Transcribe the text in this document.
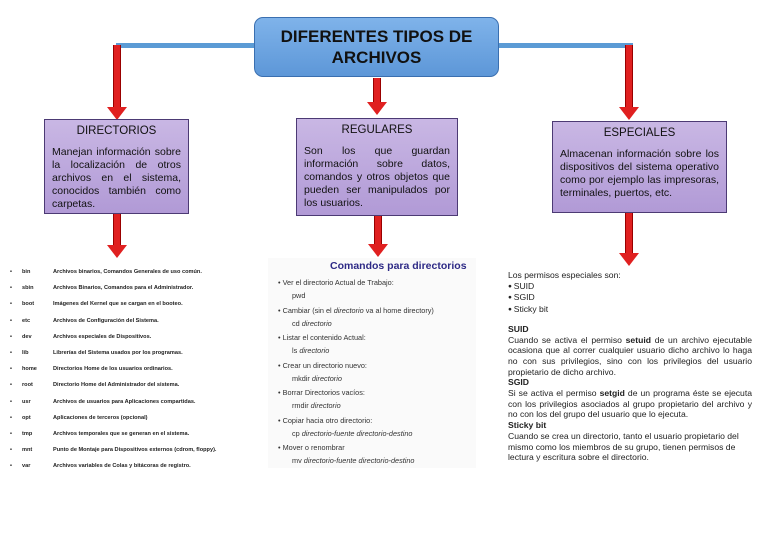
DIFERENTES TIPOS DE
ARCHIVOS
DIRECTORIOS
Manejan información sobre la localización de otros archivos en el sistema, conocidos también como carpetas.
REGULARES
Son los que guardan información sobre datos, comandos y otros objetos que pueden ser manipulados por los usuarios.
ESPECIALES
Almacenan información sobre los dispositivos del sistema operativo como por ejemplo las impresoras, terminales, puertos, etc.
•	bin	Archivos binarios, Comandos Generales de uso común.
•	sbin	Archivos Binarios, Comandos para el Administrador.
•	boot	Imágenes del Kernel que se cargan en el booteo.
•	etc	Archivos de Configuración del Sistema.
•	dev	Archivos especiales de Dispositivos.
•	lib	Librerías del Sistema usados por los programas.
•	home	Directorios Home de los usuarios ordinarios.
•	root	Directorio Home del Administrador del sistema.
•	usr	Archivos de usuarios para Aplicaciones compartidas.
•	opt	Aplicaciones de terceros (opcional)
•	tmp	Archivos temporales que se generan en el sistema.
•	mnt	Punto de Montaje para Dispositivos externos (cdrom, floppy).
•	var	Archivos variables de Colas y bitácoras de registro.
Comandos para directorios
• Ver el directorio Actual de Trabajo:
pwd
• Cambiar (sin el directorio va al home directory)
cd directorio
• Listar el contenido Actual:
ls directorio
• Crear un directorio nuevo:
mkdir directorio
• Borrar Directorios vacíos:
rmdir directorio
• Copiar hacia otro directorio:
cp directorio-fuente directorio-destino
• Mover o renombrar
mv directorio-fuente directorio-destino
Los permisos especiales son:
● SUID
● SGID
● Sticky bit
SUID
Cuando se activa el permiso setuid de un archivo ejecutable ocasiona que al correr cualquier usuario dicho archivo lo haga no con sus privilegios, sino con los privilegios del usuario propietario de dicho archivo.
SGID
Si se activa el permiso setgid de un programa éste se ejecuta con los privilegios asociados al grupo propietario del archivo y no con los del grupo del usuario que lo ejecuta.
Sticky bit
Cuando se crea un directorio, tanto el usuario propietario del mismo como los miembros de su grupo, tienen permisos de lectura y escritura sobre el directorio.
